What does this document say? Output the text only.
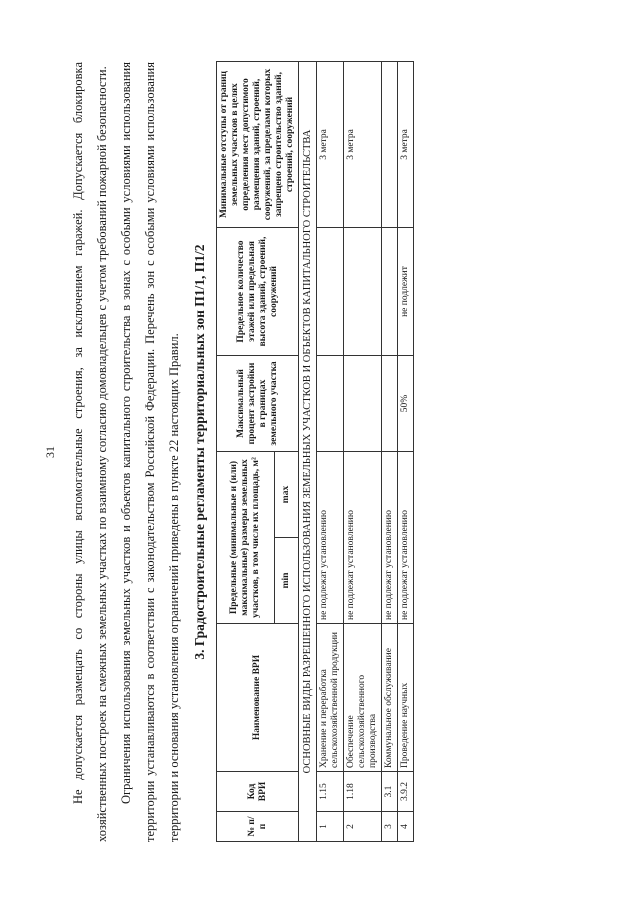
31	Не допускается размещать со стороны улицы вспомогательные строения, за исключением гаражей. Допускается блокировка хозяйственных построек на смежных земельных участках по взаимному согласию домовладельцев с учетом требований пожарной безопасности. Ограничения использования земельных участков и объектов капитального строительства в зонах с особыми условиями использования территории устанавливаются в соответствии с законодательством Российской Федерации. Перечень зон с особыми условиями использования территории и основания установления ограничений приведены в пункте 22 настоящих Правил. 3. Градостроительные регламенты территориальных зон П1/1, П1/2
№ п/п	Код ВРИ	Наименование ВРИ	Предельные (минимальные и (или) максимальные) размеры земельных участков, в том числе их площадь, м²		Максимальный процент застройки в границах земельного участка	Предельное количество этажей или предельная высота зданий, строений, сооружений	Минимальные отступы от границ земельных участков в целях определения мест допустимого размещения зданий, строений, сооружений, за пределами которых запрещено строительство зданий, строений, сооружений
			min	max			
ОСНОВНЫЕ ВИДЫ РАЗРЕШЕННОГО ИСПОЛЬЗОВАНИЯ ЗЕМЕЛЬНЫХ УЧАСТКОВ И ОБЪЕКТОВ КАПИТАЛЬНОГО СТРОИТЕЛЬСТВА							
1	1.15	Хранение и переработка сельскохозяйственной продукции	не подлежат установлению				3 метра
2	1.18	Обеспечение сельскохозяйственного производства	не подлежат установлению				3 метра
3	3.1	Коммунальное обслуживание	не подлежат установлению				
4	3.9.2	Проведение научных	не подлежат установлению		50%	не подлежит	3 метра
